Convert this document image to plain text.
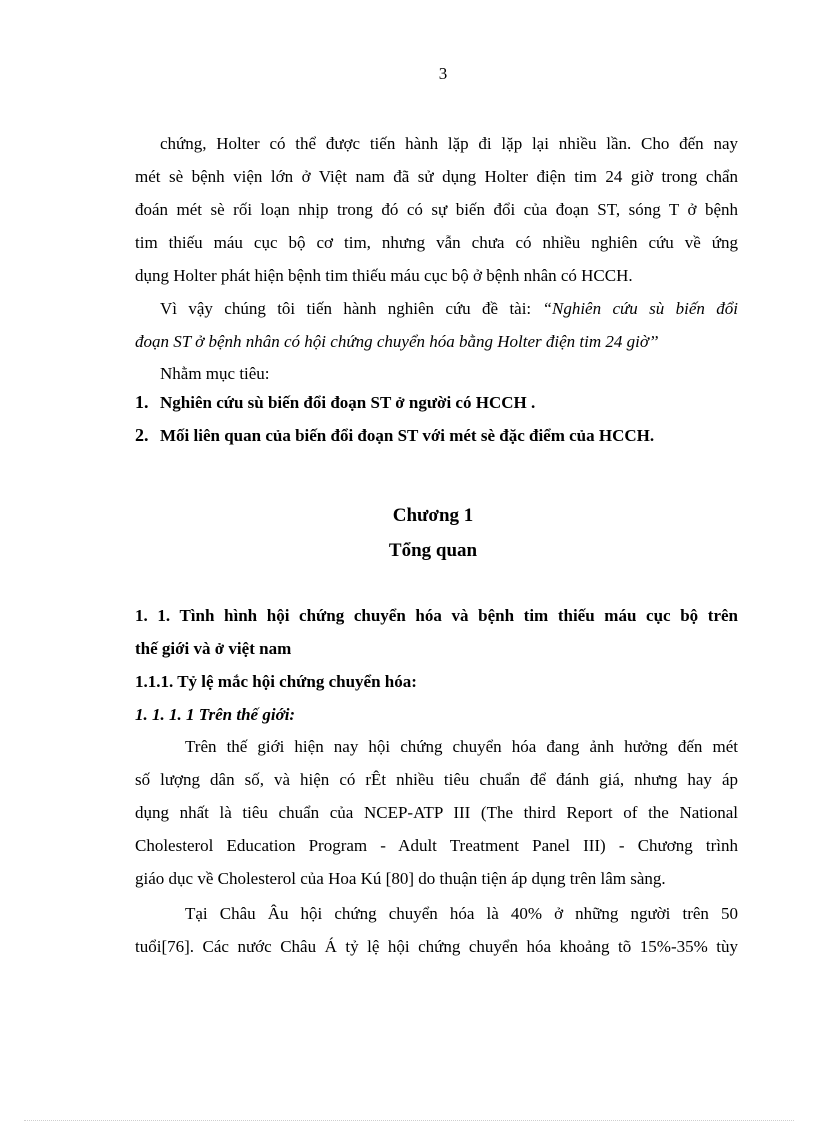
3
chứng, Holter có thể được tiến hành lặp đi lặp lại nhiều lần. Cho đến nay
mét sè bệnh viện lớn ở Việt nam đã sử dụng Holter điện tim 24 giờ trong chẩn
đoán mét sè rối loạn nhịp trong đó có sự biến đổi của đoạn ST, sóng T ở bệnh
tim thiếu máu cục bộ cơ tim, nhưng vẫn chưa có nhiều nghiên cứu về ứng
dụng Holter phát hiện bệnh tim thiếu máu cục bộ ở bệnh nhân có HCCH.
Vì vậy chúng tôi tiến hành nghiên cứu đề tài: “Nghiên cứu sù biến đổi
đoạn ST ở bệnh nhân có hội chứng chuyển hóa bằng Holter điện tim 24 giờ’’
Nhằm mục tiêu:
1. Nghiên cứu sù biến đổi đoạn ST ở người có HCCH .
2. Mối liên quan của biến đổi đoạn ST với mét sè đặc điểm của HCCH.
Chương 1
Tổng quan
1. 1. Tình hình hội chứng chuyển hóa và bệnh tim thiếu máu cục bộ trên
thế giới và ở việt nam
1.1.1. Tỷ lệ mắc hội chứng chuyển hóa:
1. 1. 1. 1 Trên thế giới:
Trên thế giới hiện nay hội chứng chuyển hóa đang ảnh hưởng đến mét
số lượng dân số, và hiện có rÊt nhiều tiêu chuẩn để đánh giá, nhưng hay áp
dụng nhất là tiêu chuẩn của NCEP-ATP III (The third Report of the National
Cholesterol Education Program - Adult Treatment Panel III) - Chương trình
giáo dục về Cholesterol của Hoa Kú [80] do thuận tiện áp dụng trên lâm sàng.
Tại Châu Âu hội chứng chuyển hóa là 40% ở những người trên 50
tuổi[76]. Các nước Châu Á tỷ lệ hội chứng chuyển hóa khoảng tõ 15%-35% tùy
